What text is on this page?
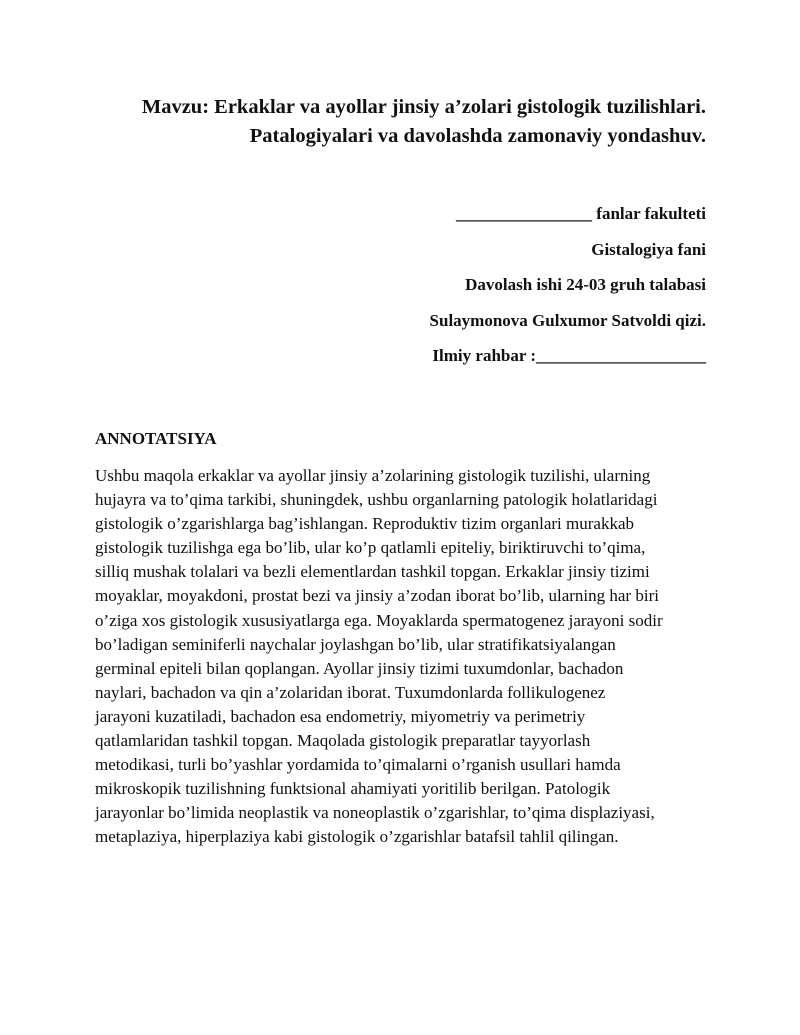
Mavzu: Erkaklar va ayollar jinsiy a’zolari gistologik tuzilishlari.
Patalogiyalari va davolashda zamonaviy yondashuv.
________________ fanlar fakulteti
Gistalogiya fani
Davolash ishi 24-03 gruh talabasi
Sulaymonova Gulxumor Satvoldi qizi.
Ilmiy rahbar :____________________
ANNOTATSIYA
Ushbu maqola erkaklar va ayollar jinsiy a’zolarining gistologik tuzilishi, ularning
hujayra va to’qima tarkibi, shuningdek, ushbu organlarning patologik holatlaridagi
gistologik o’zgarishlarga bag’ishlangan. Reproduktiv tizim organlari murakkab
gistologik tuzilishga ega bo’lib, ular ko’p qatlamli epiteliy, biriktiruvchi to’qima,
silliq mushak tolalari va bezli elementlardan tashkil topgan. Erkaklar jinsiy tizimi
moyaklar, moyakdoni, prostat bezi va jinsiy a’zodan iborat bo’lib, ularning har biri
o’ziga xos gistologik xususiyatlarga ega. Moyaklarda spermatogenez jarayoni sodir
bo’ladigan seminiferli naychalar joylashgan bo’lib, ular stratifikatsiyalangan
germinal epiteli bilan qoplangan. Ayollar jinsiy tizimi tuxumdonlar, bachadon
naylari, bachadon va qin a’zolaridan iborat. Tuxumdonlarda follikulogenez
jarayoni kuzatiladi, bachadon esa endometriy, miyometriy va perimetriy
qatlamlaridan tashkil topgan. Maqolada gistologik preparatlar tayyorlash
metodikasi, turli bo’yashlar yordamida to’qimalarni o’rganish usullari hamda
mikroskopik tuzilishning funktsional ahamiyati yoritilib berilgan. Patologik
jarayonlar bo’limida neoplastik va noneoplastik o’zgarishlar, to’qima displaziyasi,
metaplaziya, hiperplaziya kabi gistologik o’zgarishlar batafsil tahlil qilingan.
